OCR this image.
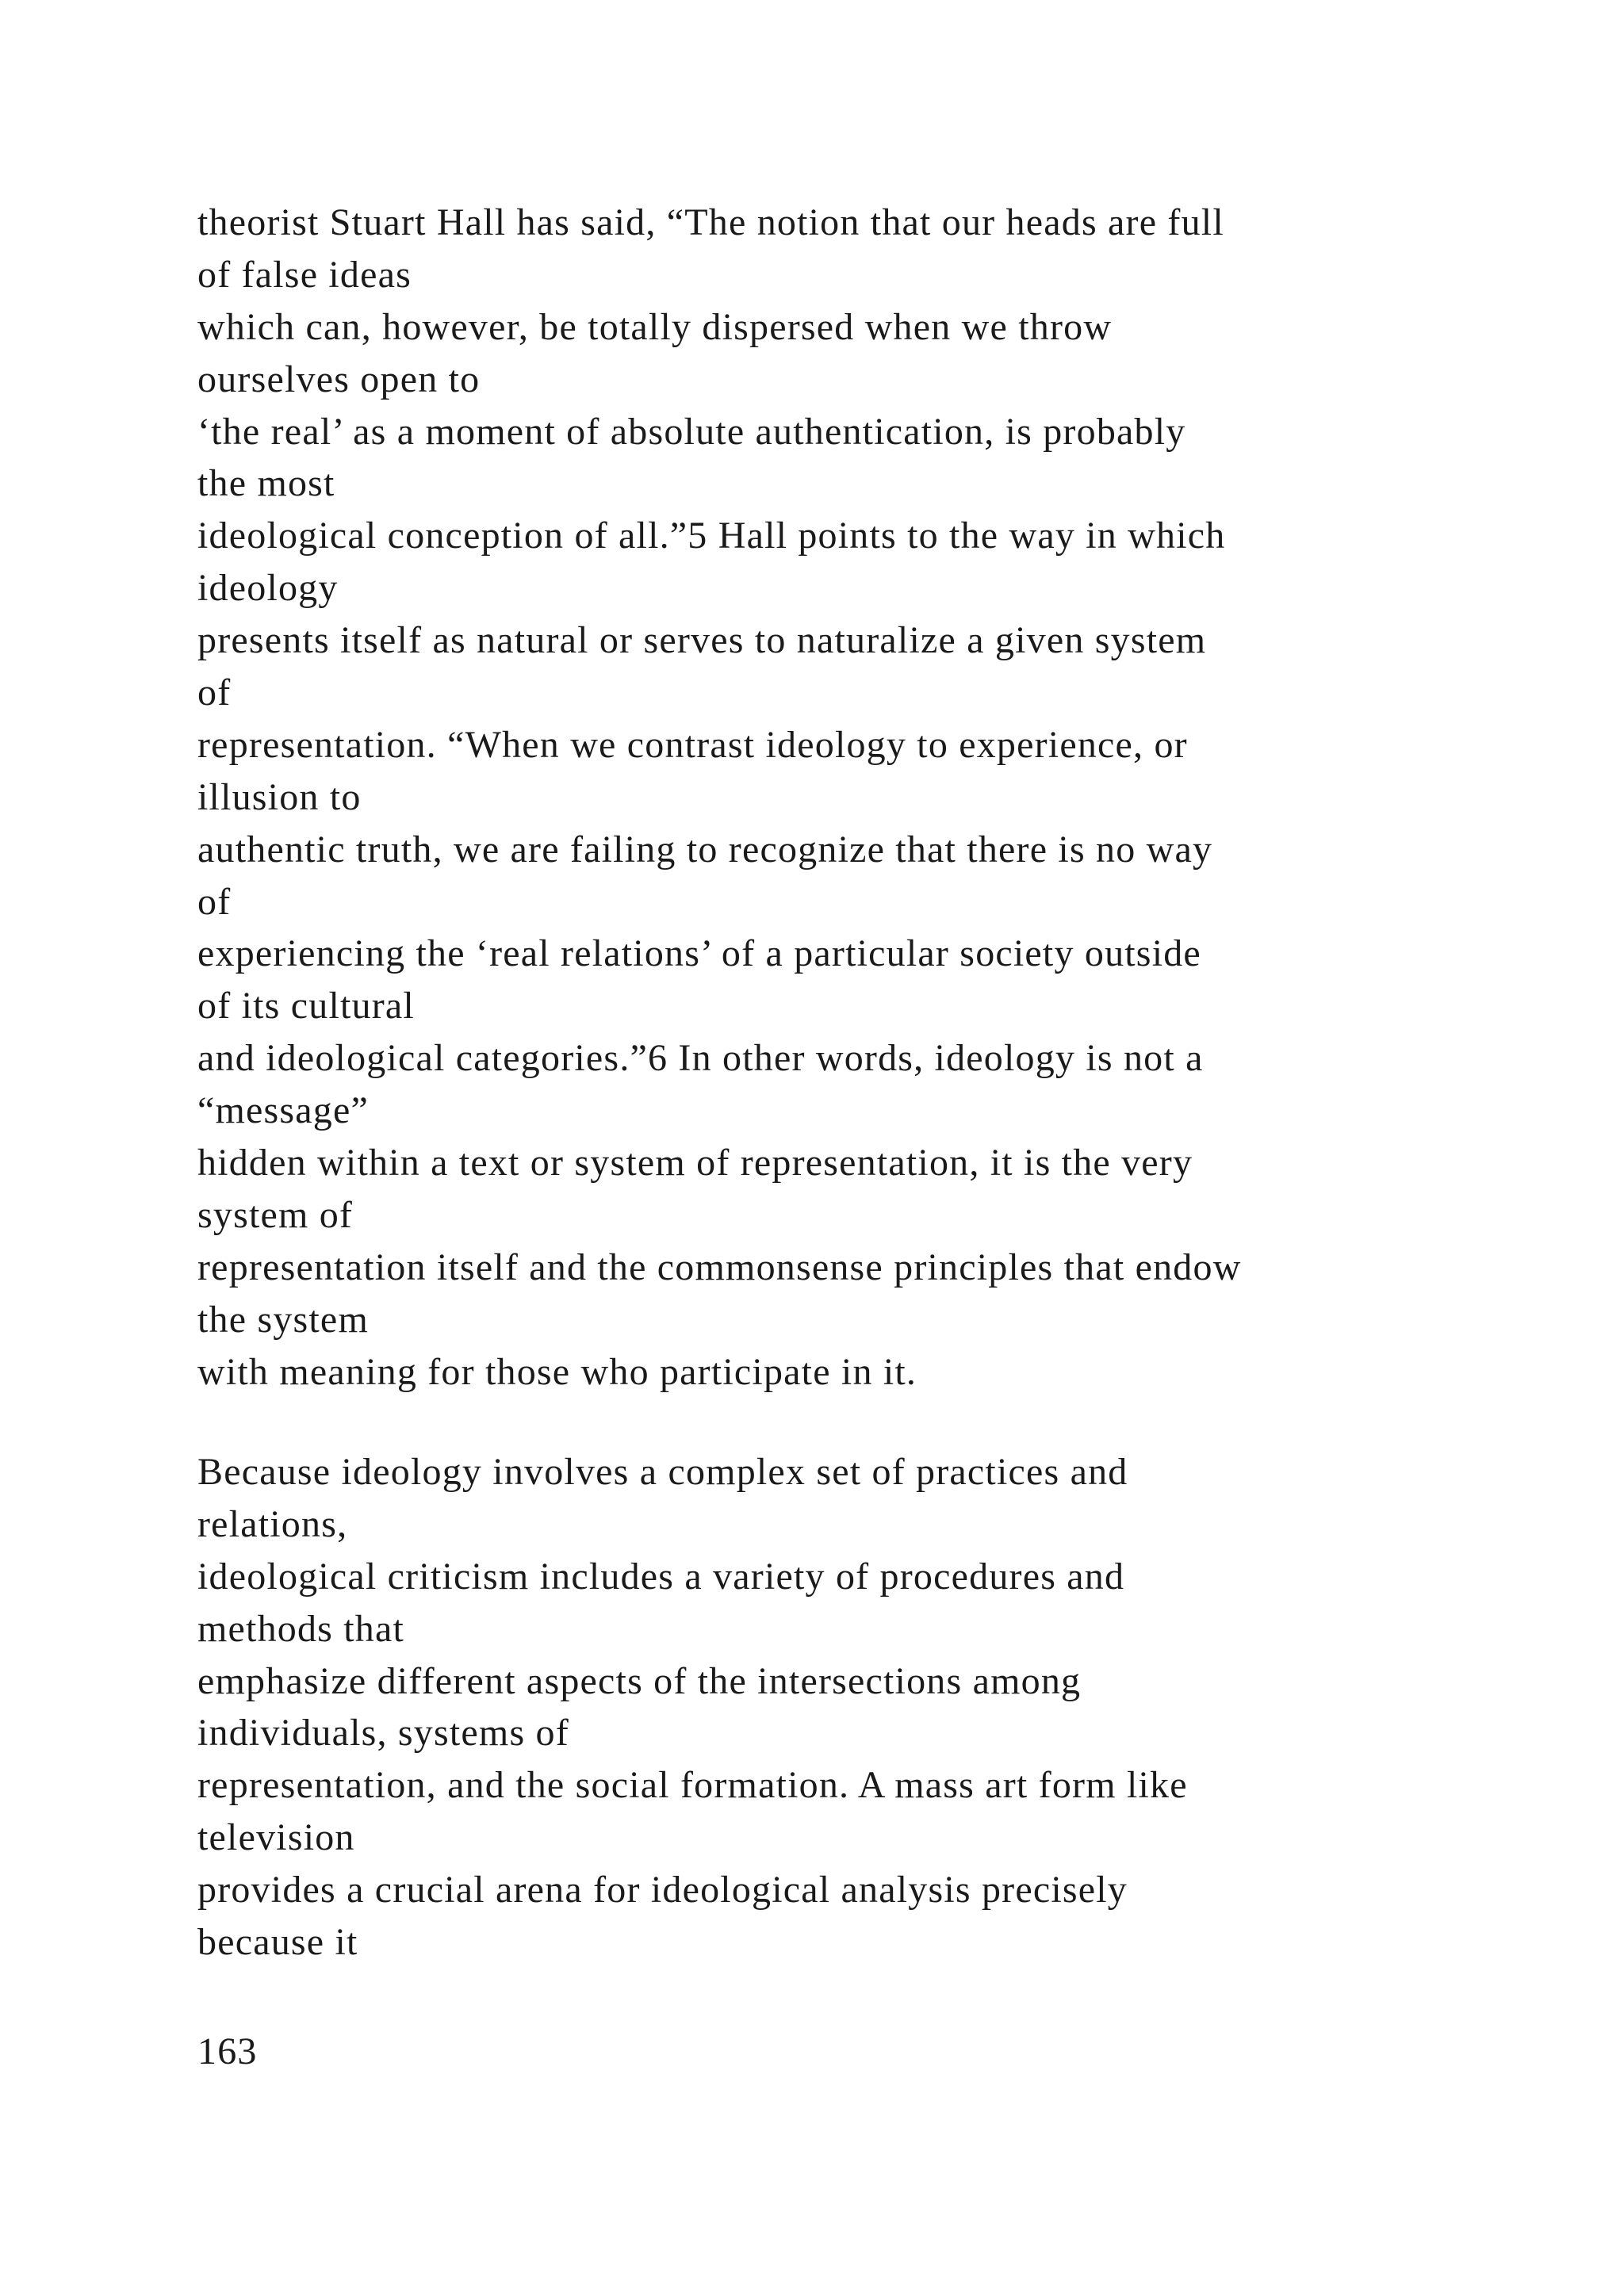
theorist Stuart Hall has said, “The notion that our heads are full
of false ideas
which can, however, be totally dispersed when we throw
ourselves open to
‘the real’ as a moment of absolute authentication, is probably
the most
ideological conception of all.”5 Hall points to the way in which
ideology
presents itself as natural or serves to naturalize a given system
of
representation. “When we contrast ideology to experience, or
illusion to
authentic truth, we are failing to recognize that there is no way
of
experiencing the ‘real relations’ of a particular society outside
of its cultural
and ideological categories.”6 In other words, ideology is not a
“message”
hidden within a text or system of representation, it is the very
system of
representation itself and the commonsense principles that endow
the system
with meaning for those who participate in it.
Because ideology involves a complex set of practices and
relations,
ideological criticism includes a variety of procedures and
methods that
emphasize different aspects of the intersections among
individuals, systems of
representation, and the social formation. A mass art form like
television
provides a crucial arena for ideological analysis precisely
because it
163
